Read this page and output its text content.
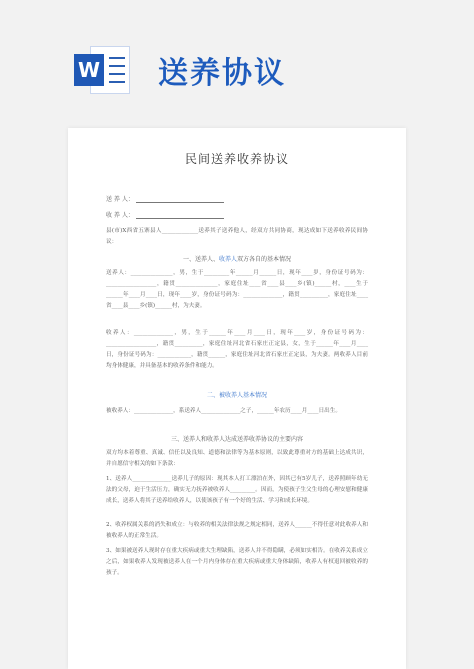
W 送养协议
民间送养收养协议
送 养 人：
收 养 人：
县(市)X西省五寨县人_____________送养其子送养他人，经双方共同协商，现达成如下送养收养民间协议：
一、送养人、收养人双方各自的基本情况
送养人：_______________，男，生于_________年______月______日，现年____岁，身份证号码为：__________________，籍贯_______________，家庭住址____省____县____乡(镇)______村，____生于______年____月____日，现年____岁，身份证号码为：______________，籍贯__________，家庭住址____省____县____乡(镇)______村，为夫妻。
收养人：______________，男，生于______年____月____日，现年____岁，身份证号码为：__________________，籍贯__________，家庭住址河北省石家庄正定县，女，生于______年____月____日，身份证号码为：____________，籍贯______，家庭住址河北省石家庄正定县，为夫妻。两收养人目前均身体健康，并具备基本的收养条件和能力。
二、被收养人基本情况
被收养人：______________，系送养人______________之子，______年农历____月____日出生。
三、送养人和收养人达成送养收养协议的主要内容
双方均本着尊重、真诚、信任以及良知、道德和法律等为基本原则，以致此尊重对方的基础上达成共识，并自愿信守相关的如下条款：
1、送养人______________送养儿子的原因：现其本人打工漂泊在外，因其已有5岁儿子，送养照顾年幼无法的父母，迫于生活压力，确实无力抚养被收养人_________。因而，为使孩子生父生母的心理安慰和健康成长，送养人将其子送养给收养人，以使该孩子有一个好的生活、学习和成长环境。
2、收养权属关系的消失和成立：与收养的相关法律法规之规定相同，送养人______不得任意对此收养人和被收养人的正常生活。
3、如果被送养人现时存在重大疾病或重大生理缺陷，送养人并不得隐瞒，必须如实相告。在收养关系成立之后，如果收养人发现被送养人在一个月内身体存在重大疾病或重大身体缺陷，收养人有权退回被收养的孩子。
